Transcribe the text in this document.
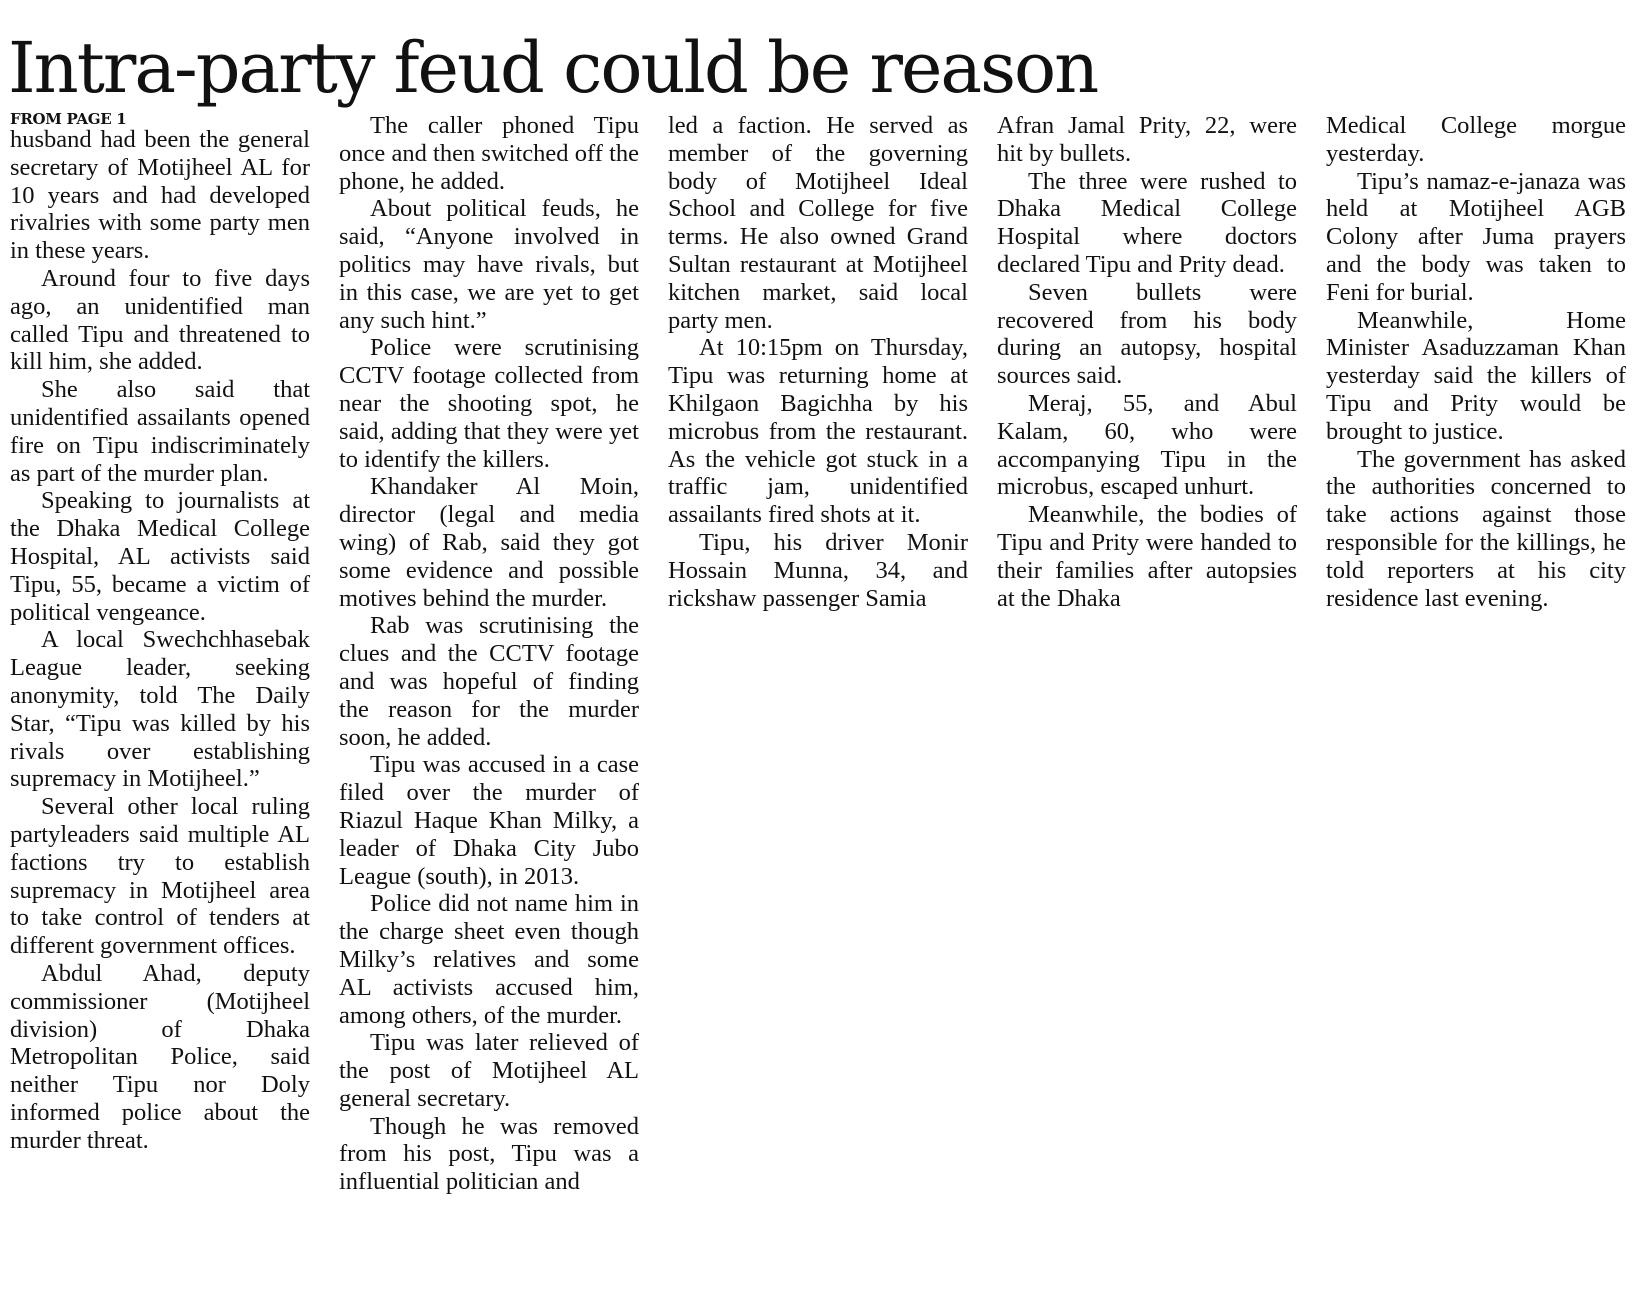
Intra-party feud could be reason
FROM PAGE 1

husband had been the general secretary of Motijheel AL for 10 years and had developed rivalries with some party men in these years.

Around four to five days ago, an unidentified man called Tipu and threatened to kill him, she added.

She also said that unidentified assailants opened fire on Tipu indiscriminately as part of the murder plan.

Speaking to journalists at the Dhaka Medical College Hospital, AL activists said Tipu, 55, became a victim of political vengeance.

A local Swechchhasebak League leader, seeking anonymity, told The Daily Star, “Tipu was killed by his rivals over establishing supremacy in Motijheel.”

Several other local ruling partyleaders said multiple AL factions try to establish supremacy in Motijheel area to take control of tenders at different government offices.

Abdul Ahad, deputy commissioner (Motijheel division) of Dhaka Metropolitan Police, said neither Tipu nor Doly informed police about the murder threat.

The caller phoned Tipu once and then switched off the phone, he added.

About political feuds, he said, “Anyone involved in politics may have rivals, but in this case, we are yet to get any such hint.”

Police were scrutinising CCTV footage collected from near the shooting spot, he said, adding that they were yet to identify the killers.

Khandaker Al Moin, director (legal and media wing) of Rab, said they got some evidence and possible motives behind the murder.

Rab was scrutinising the clues and the CCTV footage and was hopeful of finding the reason for the murder soon, he added.

Tipu was accused in a case filed over the murder of Riazul Haque Khan Milky, a leader of Dhaka City Jubo League (south), in 2013.

Police did not name him in the charge sheet even though Milky’s relatives and some AL activists accused him, among others, of the murder.

Tipu was later relieved of the post of Motijheel AL general secretary.

Though he was removed from his post, Tipu was a influential politician and

led a faction. He served as member of the governing body of Motijheel Ideal School and College for five terms. He also owned Grand Sultan restaurant at Motijheel kitchen market, said local party men.

At 10:15pm on Thursday, Tipu was returning home at Khilgaon Bagichha by his microbus from the restaurant. As the vehicle got stuck in a traffic jam, unidentified assailants fired shots at it.

Tipu, his driver Monir Hossain Munna, 34, and rickshaw passenger Samia

Afran Jamal Prity, 22, were hit by bullets.

The three were rushed to Dhaka Medical College Hospital where doctors declared Tipu and Prity dead.

Seven bullets were recovered from his body during an autopsy, hospital sources said.

Meraj, 55, and Abul Kalam, 60, who were accompanying Tipu in the microbus, escaped unhurt.

Meanwhile, the bodies of Tipu and Prity were handed to their families after autopsies at the Dhaka

Medical College morgue yesterday.

Tipu’s namaz-e-janaza was held at Motijheel AGB Colony after Juma prayers and the body was taken to Feni for burial.

Meanwhile, Home Minister Asaduzzaman Khan yesterday said the killers of Tipu and Prity would be brought to justice.

The government has asked the authorities concerned to take actions against those responsible for the killings, he told reporters at his city residence last evening.
